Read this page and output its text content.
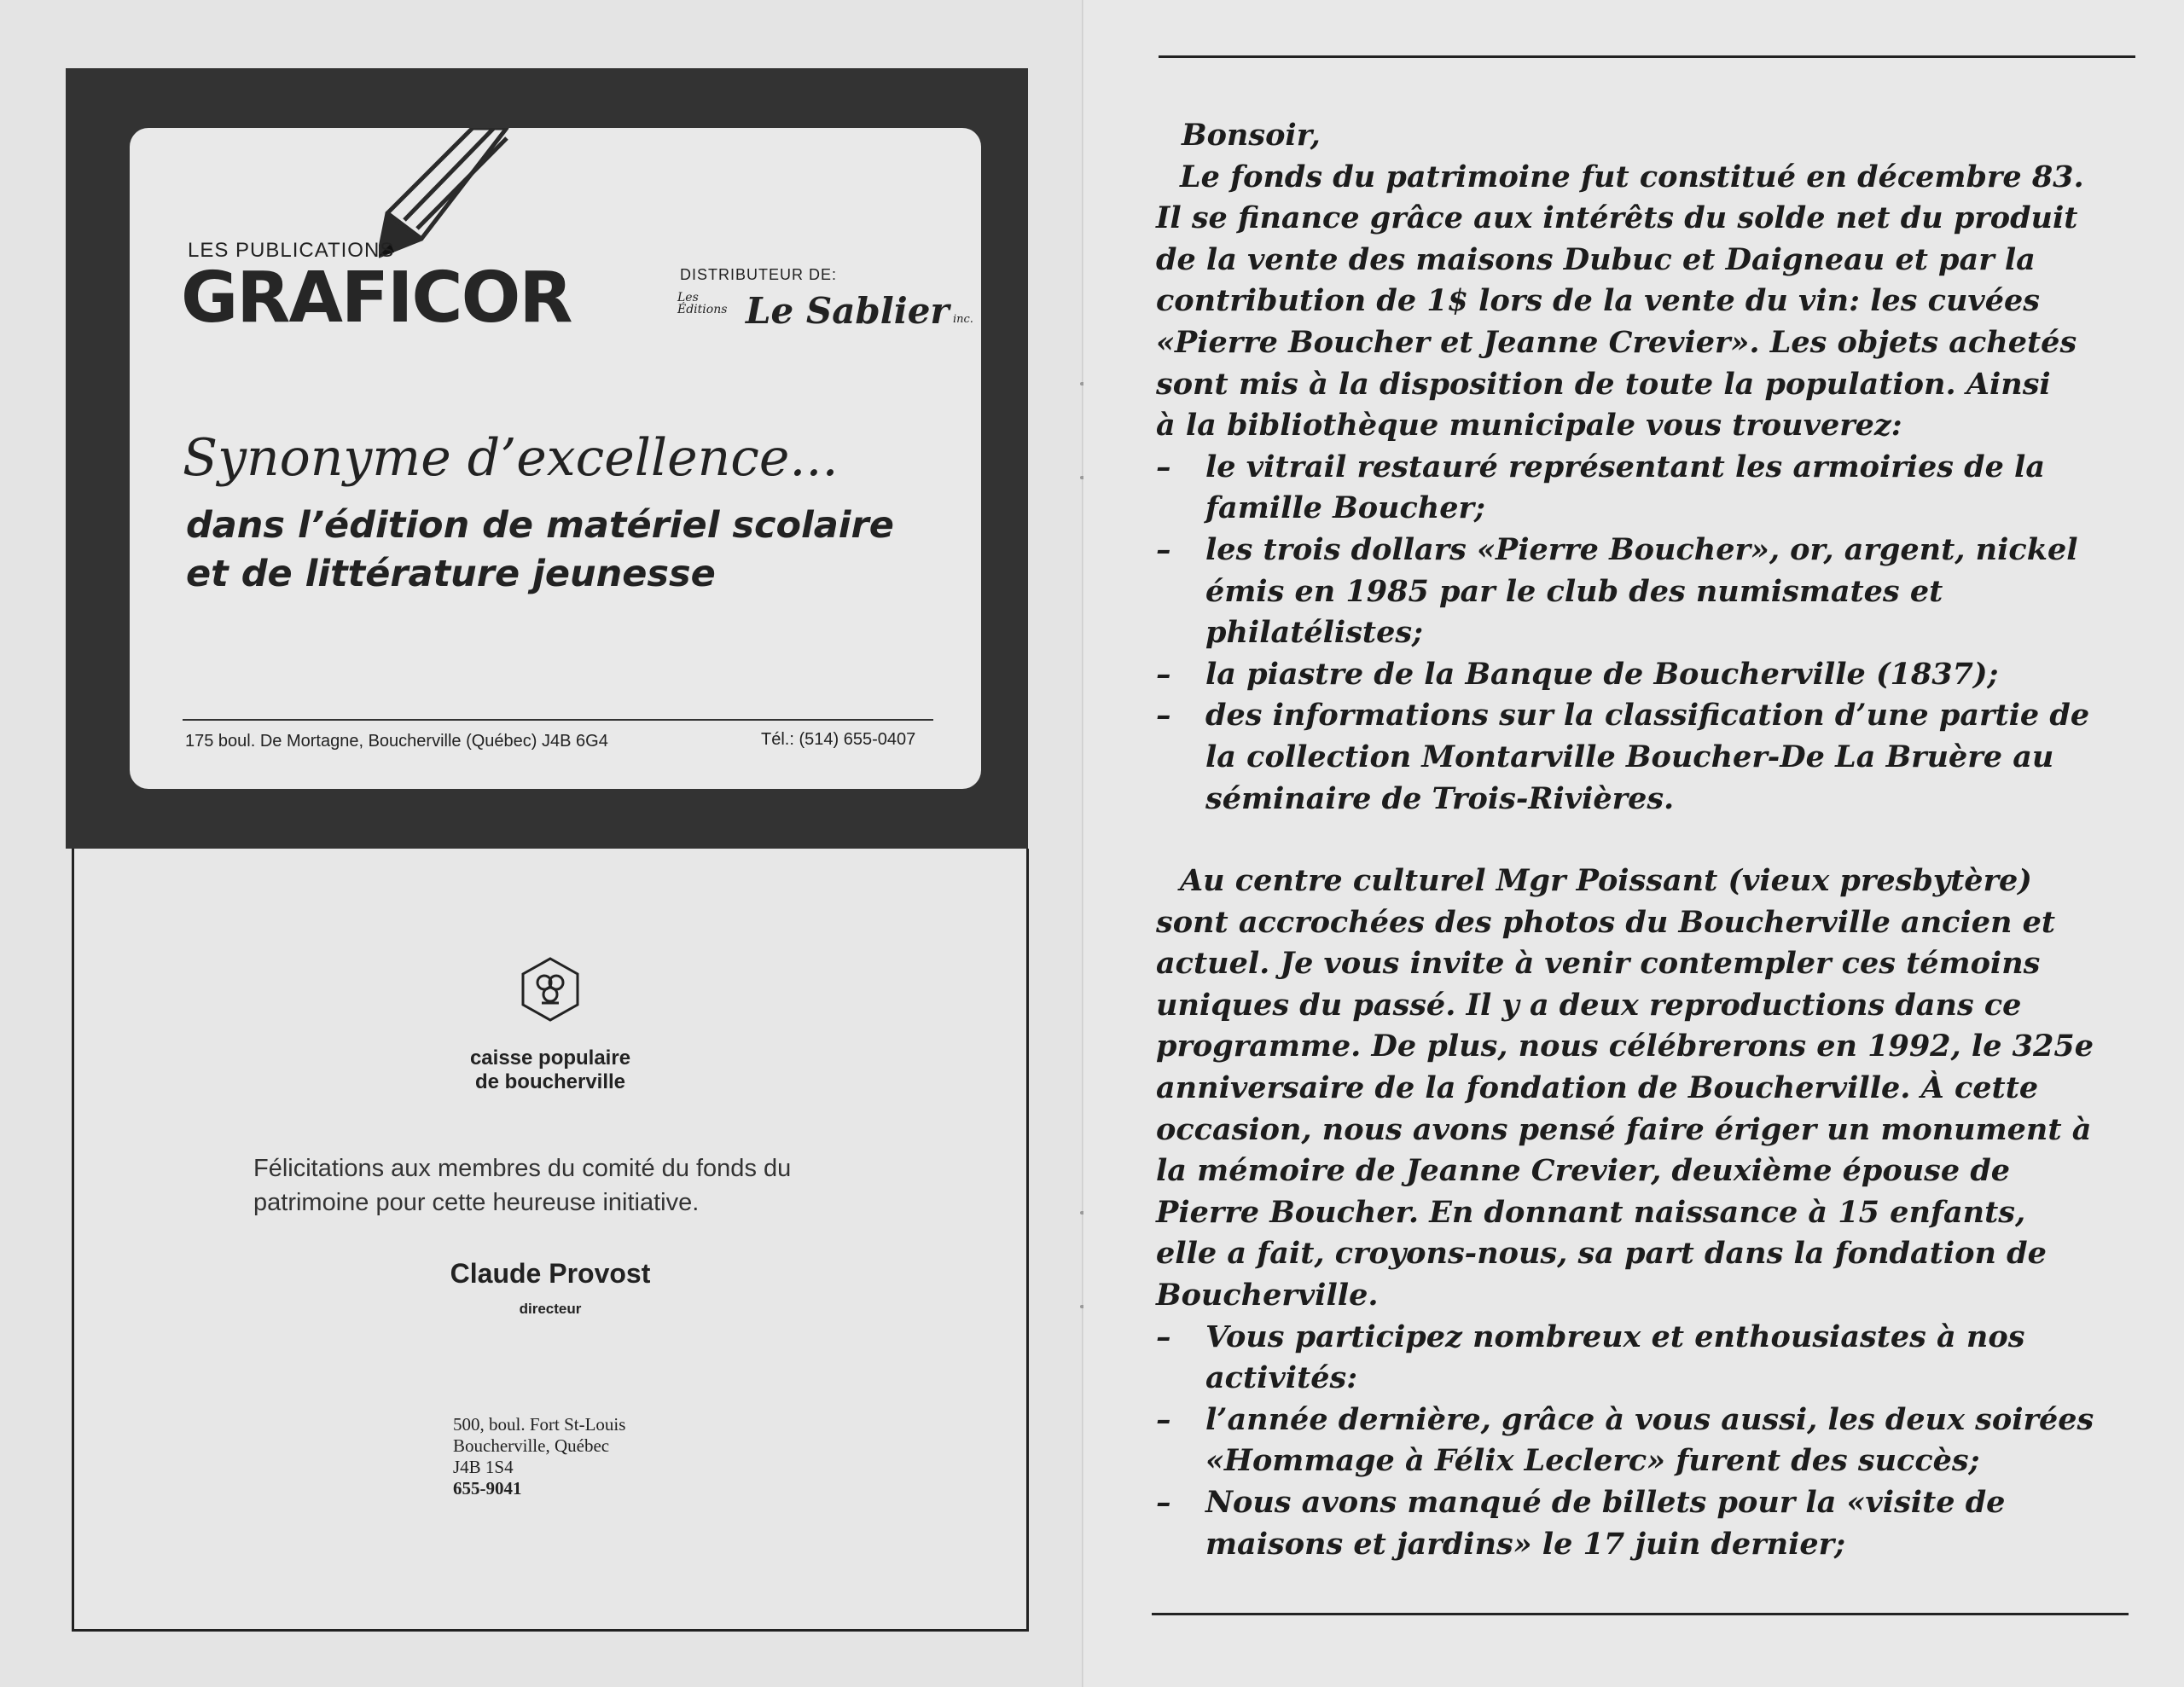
LES PUBLICATIONS
GRAFICOR	DISTRIBUTEUR DE:
Les
Éditions Le Sablier inc.
Synonyme d’excellence...
dans l’édition de matériel scolaire
et de littérature jeunesse
175 boul. De Mortagne, Boucherville (Québec) J4B 6G4	Tél.: (514) 655-0407
caisse populaire
de boucherville
Félicitations aux membres du comité du fonds du
patrimoine pour cette heureuse initiative.
Claude Provost
directeur
500, boul. Fort St-Louis
Boucherville, Québec
J4B 1S4
655-9041

Bonsoir,

Le fonds du patrimoine fut constitué en décembre 83.

Il se finance grâce aux intérêts du solde net du produit

de la vente des maisons Dubuc et Daigneau et par la

contribution de 1$ lors de la vente du vin: les cuvées

«Pierre Boucher et Jeanne Crevier». Les objets achetés

sont mis à la disposition de toute la population. Ainsi

à la bibliothèque municipale vous trouverez:

–	le vitrail restauré représentant les armoiries de la
famille Boucher;
–	les trois dollars «Pierre Boucher», or, argent, nickel
émis en 1985 par le club des numismates et
philatélistes;
–	la piastre de la Banque de Boucherville (1837);
–	des informations sur la classification d’une partie de
la collection Montarville Boucher-De La Bruère au
séminaire de Trois-Rivières.

Au centre culturel Mgr Poissant (vieux presbytère)

sont accrochées des photos du Boucherville ancien et

actuel. Je vous invite à venir contempler ces témoins

uniques du passé. Il y a deux reproductions dans ce

programme. De plus, nous célébrerons en 1992, le 325e

anniversaire de la fondation de Boucherville. À cette

occasion, nous avons pensé faire ériger un monument à

la mémoire de Jeanne Crevier, deuxième épouse de

Pierre Boucher. En donnant naissance à 15 enfants,

elle a fait, croyons-nous, sa part dans la fondation de

Boucherville.

–	Vous participez nombreux et enthousiastes à nos
activités:
–	l’année dernière, grâce à vous aussi, les deux soirées
«Hommage à Félix Leclerc» furent des succès;
–	Nous avons manqué de billets pour la «visite de
maisons et jardins» le 17 juin dernier;
